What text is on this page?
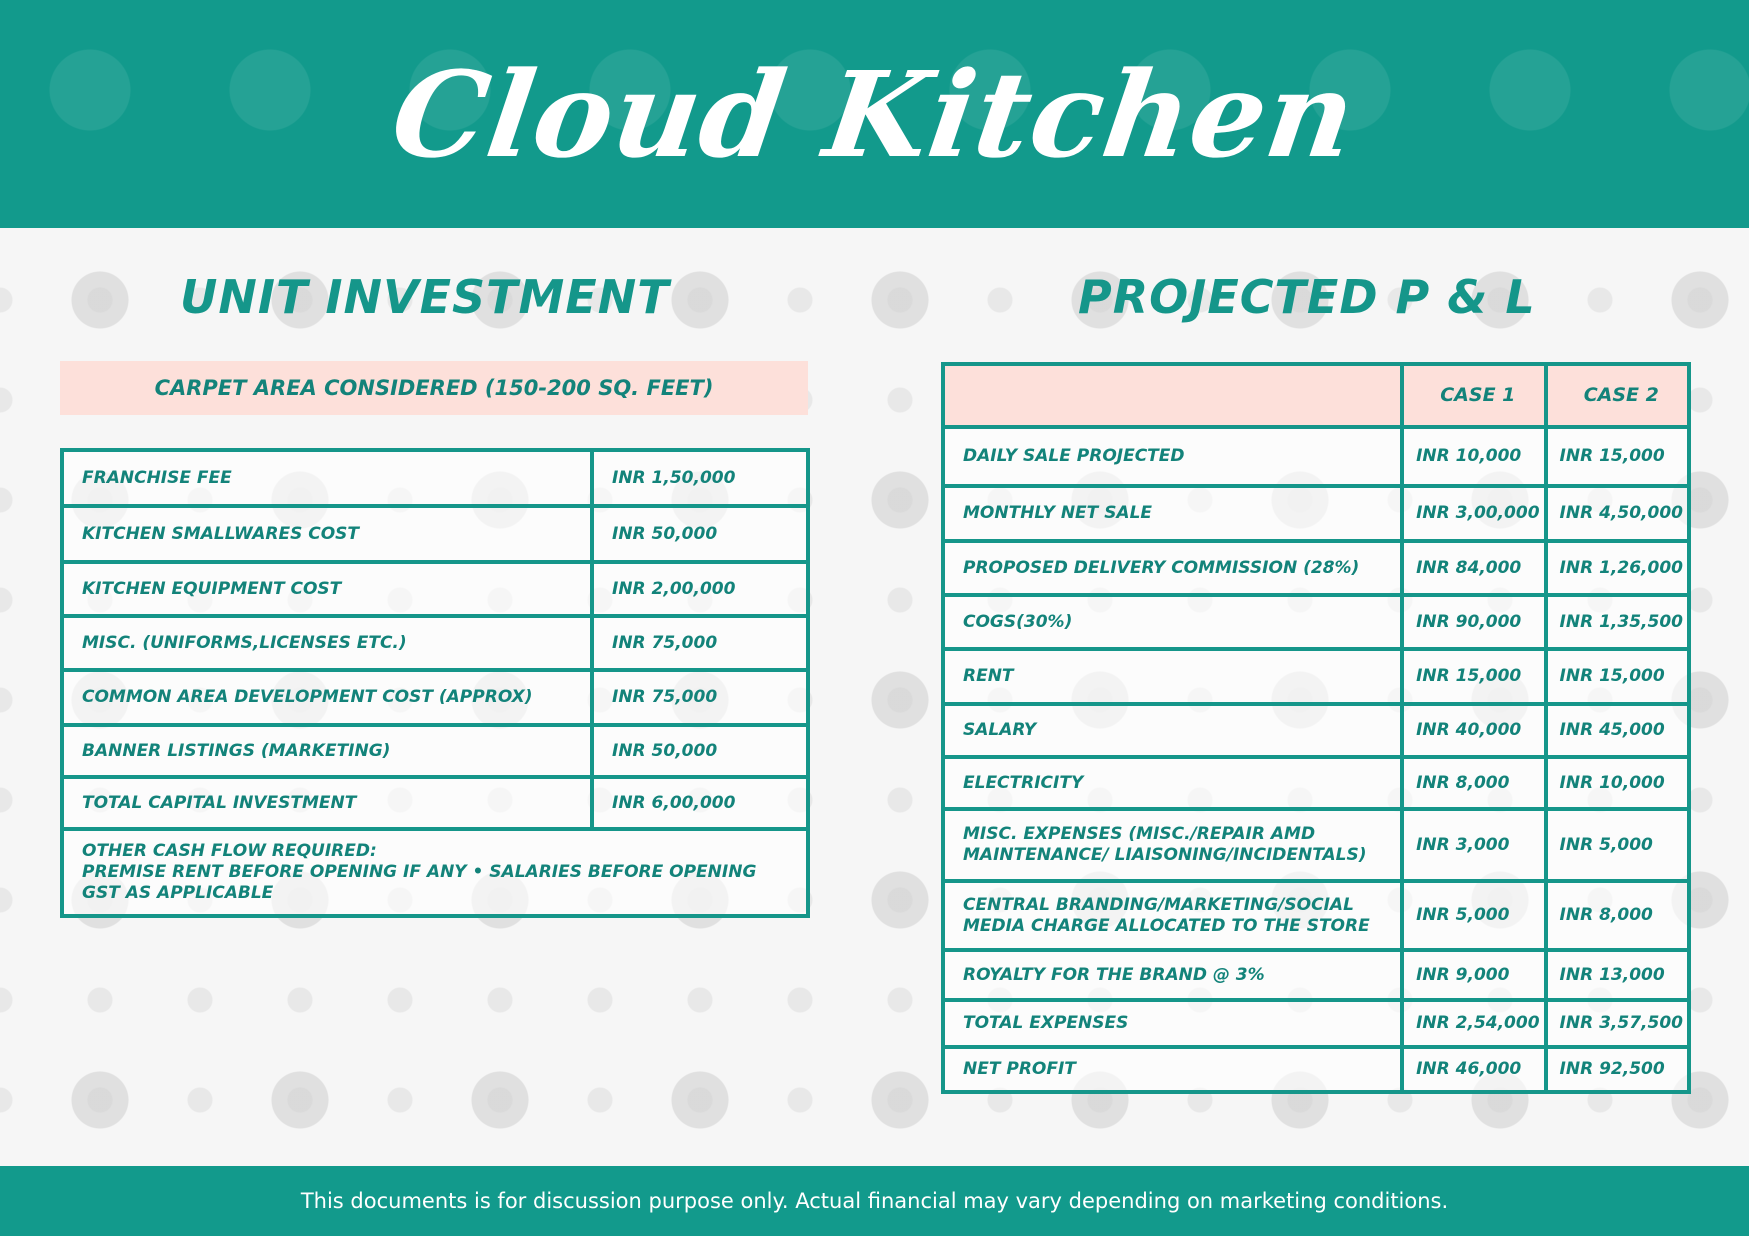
Cloud Kitchen
UNIT INVESTMENT	PROJECTED P & L
CARPET AREA CONSIDERED (150-200 SQ. FEET)
FRANCHISE FEE	INR 1,50,000
KITCHEN SMALLWARES COST	INR 50,000
KITCHEN EQUIPMENT COST	INR 2,00,000
MISC. (UNIFORMS,LICENSES ETC.)	INR 75,000
COMMON AREA DEVELOPMENT COST (APPROX)	INR 75,000
BANNER LISTINGS (MARKETING)	INR 50,000
TOTAL CAPITAL INVESTMENT	INR 6,00,000

OTHER CASH FLOW REQUIRED:
PREMISE RENT BEFORE OPENING IF ANY • SALARIES BEFORE OPENING
GST AS APPLICABLE	
	CASE 1	CASE 2
DAILY SALE PROJECTED	INR 10,000	INR 15,000
MONTHLY NET SALE	INR 3,00,000	INR 4,50,000
PROPOSED DELIVERY COMMISSION (28%)	INR 84,000	INR 1,26,000
COGS(30%)	INR 90,000	INR 1,35,500
RENT	INR 15,000	INR 15,000
SALARY	INR 40,000	INR 45,000
ELECTRICITY	INR 8,000	INR 10,000

MISC. EXPENSES (MISC./REPAIR AMD
MAINTENANCE/ LIAISONING/INCIDENTALS)	INR 3,000	INR 5,000

CENTRAL BRANDING/MARKETING/SOCIAL
MEDIA CHARGE ALLOCATED TO THE STORE	INR 5,000	INR 8,000
ROYALTY FOR THE BRAND @ 3%	INR 9,000	INR 13,000
TOTAL EXPENSES	INR 2,54,000	INR 3,57,500
NET PROFIT	INR 46,000	INR 92,500
This documents is for discussion purpose only. Actual financial may vary depending on marketing conditions.
